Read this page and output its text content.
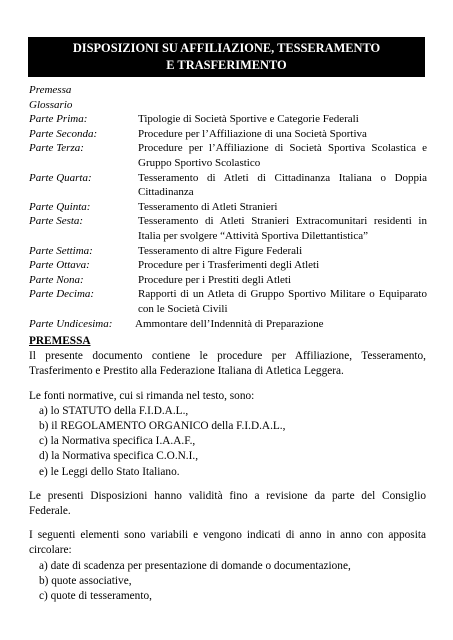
DISPOSIZIONI SU AFFILIAZIONE, TESSERAMENTO
E TRASFERIMENTO
Premessa
Glossario
Parte Prima:	Tipologie di Società Sportive e Categorie Federali
Parte Seconda:	Procedure per l’Affiliazione di una Società Sportiva
Parte Terza:	Procedure per l’Affiliazione di Società Sportiva Scolastica e Gruppo Sportivo Scolastico
Parte Quarta:	Tesseramento di Atleti di Cittadinanza Italiana o Doppia Cittadinanza
Parte Quinta:	Tesseramento di Atleti Stranieri
Parte Sesta:	Tesseramento di Atleti Stranieri Extracomunitari residenti in Italia per svolgere “Attività Sportiva Dilettantistica”
Parte Settima:	Tesseramento di altre Figure Federali
Parte Ottava:	Procedure per i Trasferimenti degli Atleti
Parte Nona:	Procedure per i Prestiti degli Atleti
Parte Decima:	Rapporti di un Atleta di Gruppo Sportivo Militare o Equiparato con le Società Civili
Parte Undicesima:	Ammontare dell’Indennità di Preparazione
PREMESSA

Il presente documento contiene le procedure per Affiliazione, Tesseramento, Trasferimento e Prestito alla Federazione Italiana di Atletica Leggera.

Le fonti normative, cui si rimanda nel testo, sono:

a) lo STATUTO della F.I.D.A.L.,
b) il REGOLAMENTO ORGANICO della F.I.D.A.L.,
c) la Normativa specifica I.A.A.F.,
d) la Normativa specifica C.O.N.I.,
e) le Leggi dello Stato Italiano.

Le presenti Disposizioni hanno validità fino a revisione da parte del Consiglio Federale.

I seguenti elementi sono variabili e vengono indicati di anno in anno con apposita circolare:

a) date di scadenza per presentazione di domande o documentazione,
b) quote associative,
c) quote di tesseramento,
